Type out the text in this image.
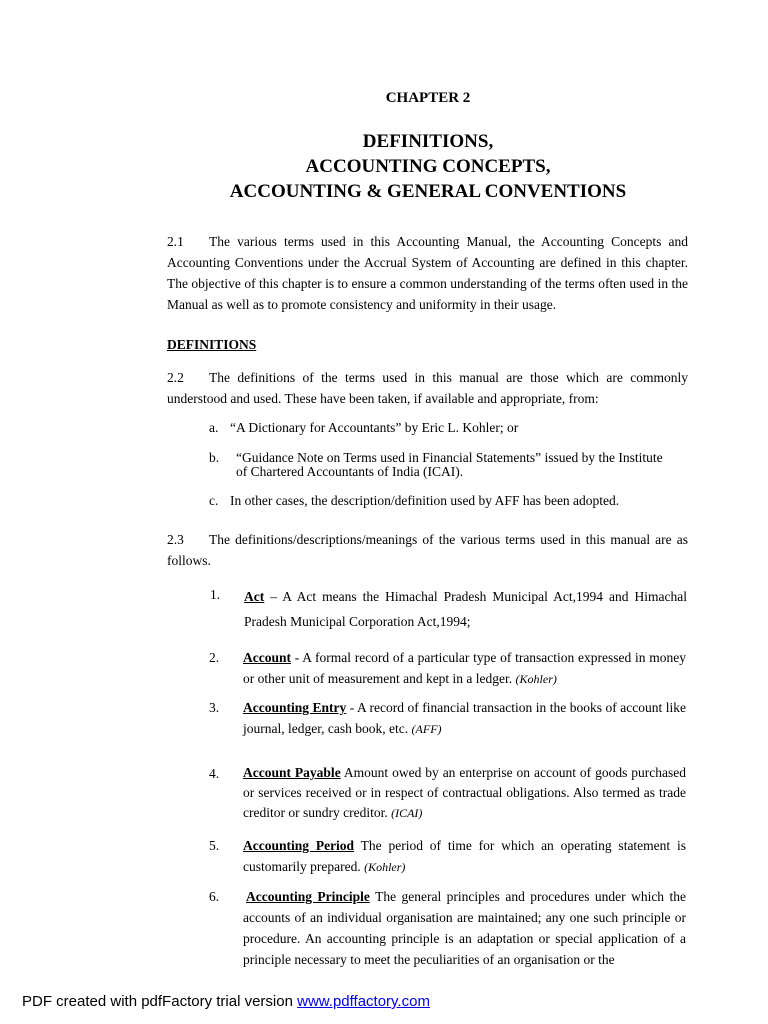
CHAPTER 2
DEFINITIONS,
ACCOUNTING CONCEPTS,
ACCOUNTING & GENERAL CONVENTIONS
2.1 The various terms used in this Accounting Manual, the Accounting Concepts and Accounting Conventions under the Accrual System of Accounting are defined in this chapter. The objective of this chapter is to ensure a common understanding of the terms often used in the Manual as well as to promote consistency and uniformity in their usage.
DEFINITIONS
2.2 The definitions of the terms used in this manual are those which are commonly understood and used. These have been taken, if available and appropriate, from:
a. “A Dictionary for Accountants” by Eric L. Kohler; or
b. “Guidance Note on Terms used in Financial Statements” issued by the Institute
of Chartered Accountants of India (ICAI).
c. In other cases, the description/definition used by AFF has been adopted.
2.3 The definitions/descriptions/meanings of the various terms used in this manual are as follows.
1. Act – A Act means the Himachal Pradesh Municipal Act,1994 and Himachal Pradesh Municipal Corporation Act,1994;
2. Account - A formal record of a particular type of transaction expressed in money or other unit of measurement and kept in a ledger. (Kohler)
3. Accounting Entry - A record of financial transaction in the books of account like journal, ledger, cash book, etc. (AFF)
4. Account Payable Amount owed by an enterprise on account of goods purchased or services received or in respect of contractual obligations. Also termed as trade creditor or sundry creditor. (ICAI)
5. Accounting Period The period of time for which an operating statement is customarily prepared. (Kohler)
6. Accounting Principle The general principles and procedures under which the accounts of an individual organisation are maintained; any one such principle or procedure. An accounting principle is an adaptation or special application of a principle necessary to meet the peculiarities of an organisation or the
PDF created with pdfFactory trial version www.pdffactory.com
